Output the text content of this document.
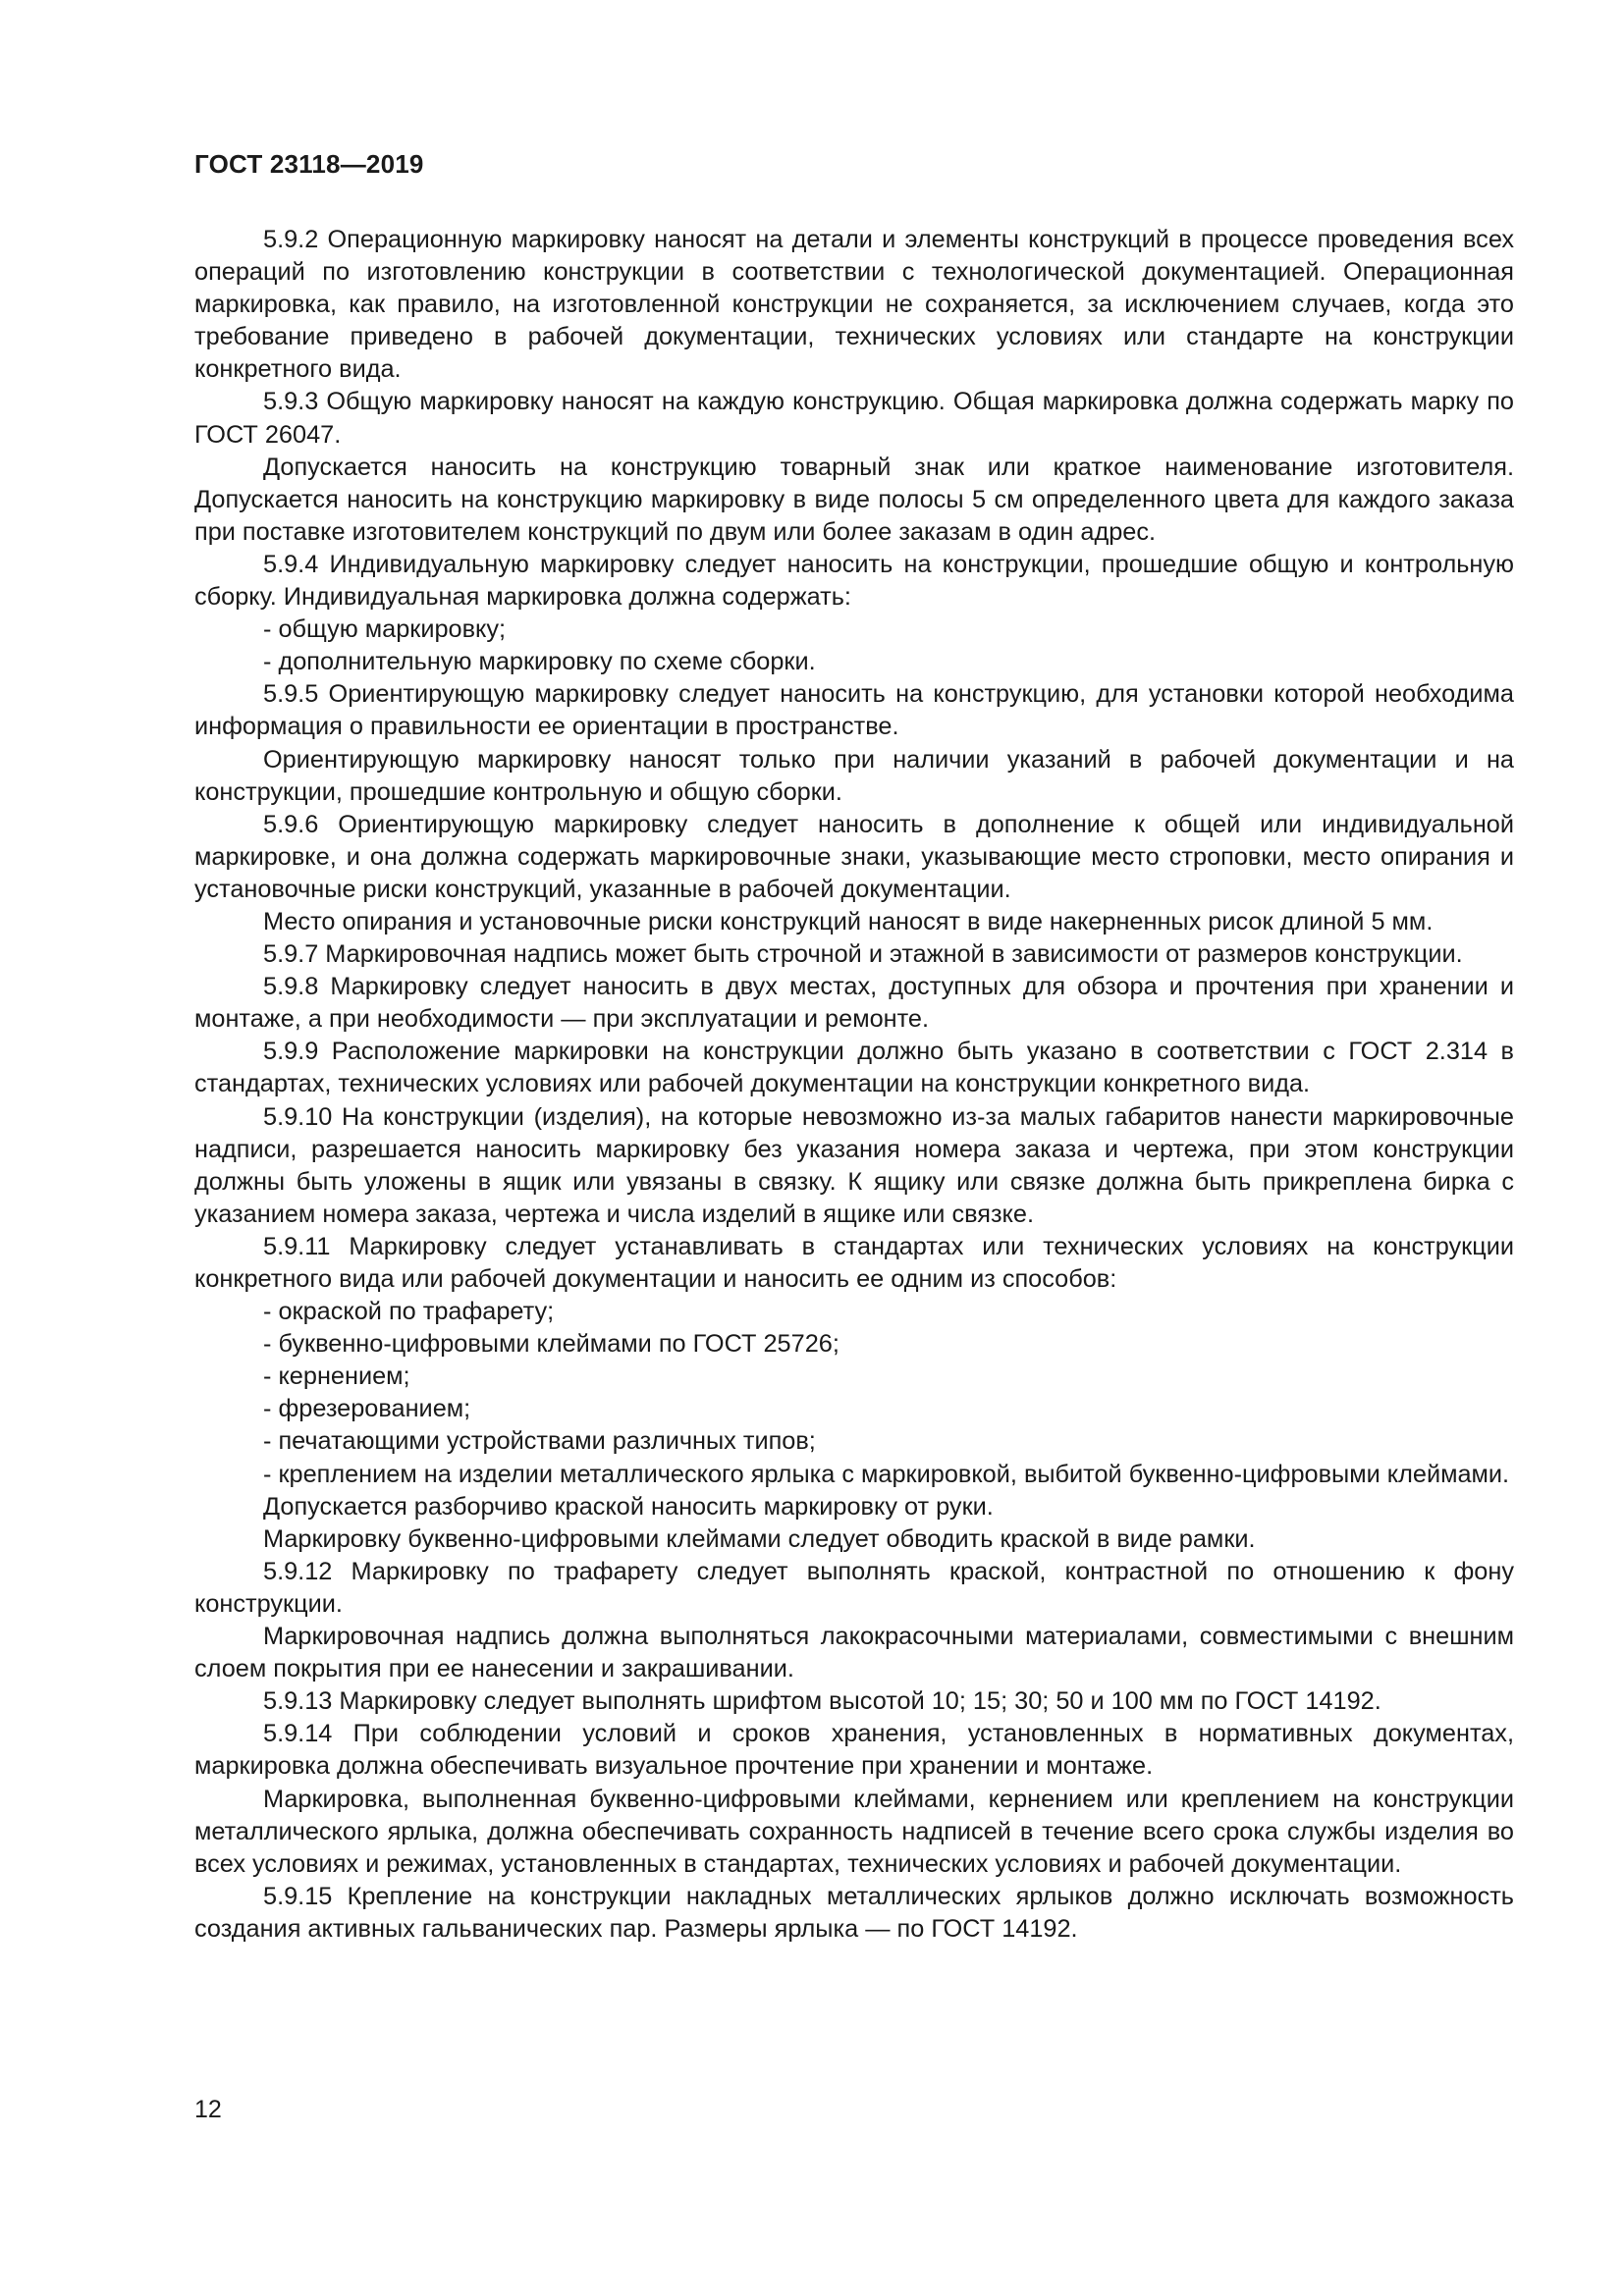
ГОСТ 23118—2019

5.9.2 Операционную маркировку наносят на детали и элементы конструкций в процессе проведения всех операций по изготовлению конструкции в соответствии с технологической документацией. Операционная маркировка, как правило, на изготовленной конструкции не сохраняется, за исключением случаев, когда это требование приведено в рабочей документации, технических условиях или стандарте на конструкции конкретного вида.

5.9.3 Общую маркировку наносят на каждую конструкцию. Общая маркировка должна содержать марку по ГОСТ 26047.

Допускается наносить на конструкцию товарный знак или краткое наименование изготовителя. Допускается наносить на конструкцию маркировку в виде полосы 5 см определенного цвета для каждого заказа при поставке изготовителем конструкций по двум или более заказам в один адрес.

5.9.4 Индивидуальную маркировку следует наносить на конструкции, прошедшие общую и контрольную сборку. Индивидуальная маркировка должна содержать:

- общую маркировку;

- дополнительную маркировку по схеме сборки.

5.9.5 Ориентирующую маркировку следует наносить на конструкцию, для установки которой необходима информация о правильности ее ориентации в пространстве.

Ориентирующую маркировку наносят только при наличии указаний в рабочей документации и на конструкции, прошедшие контрольную и общую сборки.

5.9.6 Ориентирующую маркировку следует наносить в дополнение к общей или индивидуальной маркировке, и она должна содержать маркировочные знаки, указывающие место строповки, место опирания и установочные риски конструкций, указанные в рабочей документации.

Место опирания и установочные риски конструкций наносят в виде накерненных рисок длиной 5 мм.

5.9.7 Маркировочная надпись может быть строчной и этажной в зависимости от размеров конструкции.

5.9.8 Маркировку следует наносить в двух местах, доступных для обзора и прочтения при хранении и монтаже, а при необходимости — при эксплуатации и ремонте.

5.9.9 Расположение маркировки на конструкции должно быть указано в соответствии с ГОСТ 2.314 в стандартах, технических условиях или рабочей документации на конструкции конкретного вида.

5.9.10 На конструкции (изделия), на которые невозможно из-за малых габаритов нанести маркировочные надписи, разрешается наносить маркировку без указания номера заказа и чертежа, при этом конструкции должны быть уложены в ящик или увязаны в связку. К ящику или связке должна быть прикреплена бирка с указанием номера заказа, чертежа и числа изделий в ящике или связке.

5.9.11 Маркировку следует устанавливать в стандартах или технических условиях на конструкции конкретного вида или рабочей документации и наносить ее одним из способов:

- окраской по трафарету;

- буквенно-цифровыми клеймами по ГОСТ 25726;

- кернением;

- фрезерованием;

- печатающими устройствами различных типов;

- креплением на изделии металлического ярлыка с маркировкой, выбитой буквенно-цифровыми клеймами.

Допускается разборчиво краской наносить маркировку от руки.

Маркировку буквенно-цифровыми клеймами следует обводить краской в виде рамки.

5.9.12 Маркировку по трафарету следует выполнять краской, контрастной по отношению к фону конструкции.

Маркировочная надпись должна выполняться лакокрасочными материалами, совместимыми с внешним слоем покрытия при ее нанесении и закрашивании.

5.9.13 Маркировку следует выполнять шрифтом высотой 10; 15; 30; 50 и 100 мм по ГОСТ 14192.

5.9.14 При соблюдении условий и сроков хранения, установленных в нормативных документах, маркировка должна обеспечивать визуальное прочтение при хранении и монтаже.

Маркировка, выполненная буквенно-цифровыми клеймами, кернением или креплением на конструкции металлического ярлыка, должна обеспечивать сохранность надписей в течение всего срока службы изделия во всех условиях и режимах, установленных в стандартах, технических условиях и рабочей документации.

5.9.15 Крепление на конструкции накладных металлических ярлыков должно исключать возможность создания активных гальванических пар. Размеры ярлыка — по ГОСТ 14192.

12
